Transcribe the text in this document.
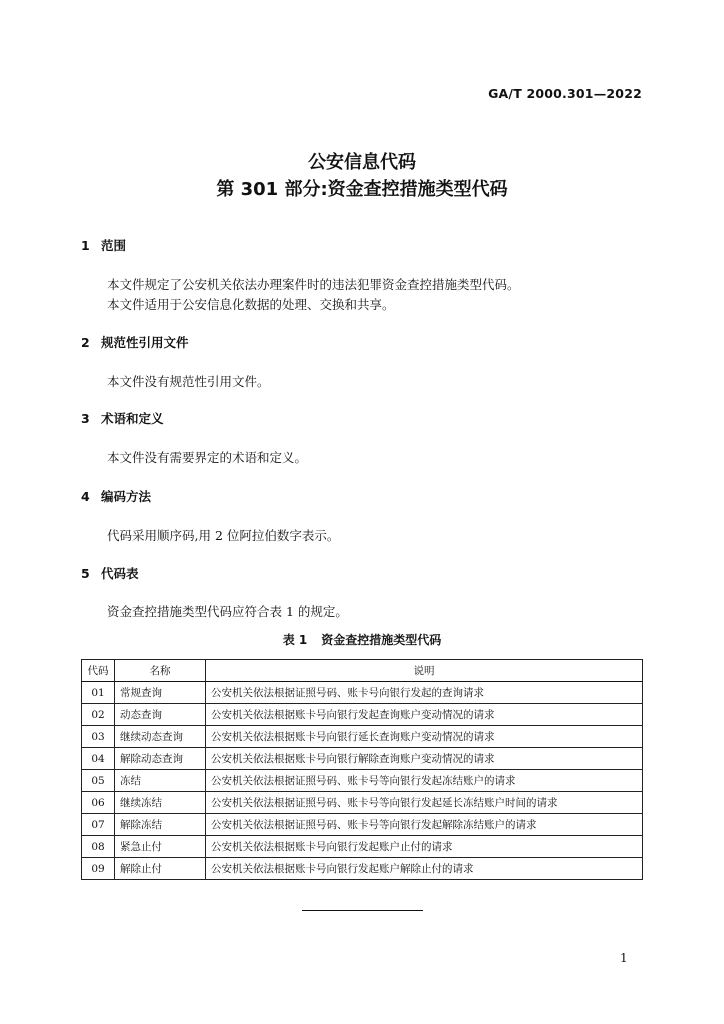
GA/T 2000.301—2022
公安信息代码
第 301 部分:资金查控措施类型代码
1 范围
本文件规定了公安机关依法办理案件时的违法犯罪资金查控措施类型代码。
本文件适用于公安信息化数据的处理、交换和共享。
2 规范性引用文件
本文件没有规范性引用文件。
3 术语和定义
本文件没有需要界定的术语和定义。
4 编码方法
代码采用顺序码,用 2 位阿拉伯数字表示。
5 代码表
资金查控措施类型代码应符合表 1 的规定。
表 1 资金查控措施类型代码
代码	名称	说明
01	常规查询	公安机关依法根据证照号码、账卡号向银行发起的查询请求
02	动态查询	公安机关依法根据账卡号向银行发起查询账户变动情况的请求
03	继续动态查询	公安机关依法根据账卡号向银行延长查询账户变动情况的请求
04	解除动态查询	公安机关依法根据账卡号向银行解除查询账户变动情况的请求
05	冻结	公安机关依法根据证照号码、账卡号等向银行发起冻结账户的请求
06	继续冻结	公安机关依法根据证照号码、账卡号等向银行发起延长冻结账户时间的请求
07	解除冻结	公安机关依法根据证照号码、账卡号等向银行发起解除冻结账户的请求
08	紧急止付	公安机关依法根据账卡号向银行发起账户止付的请求
09	解除止付	公安机关依法根据账卡号向银行发起账户解除止付的请求
1
